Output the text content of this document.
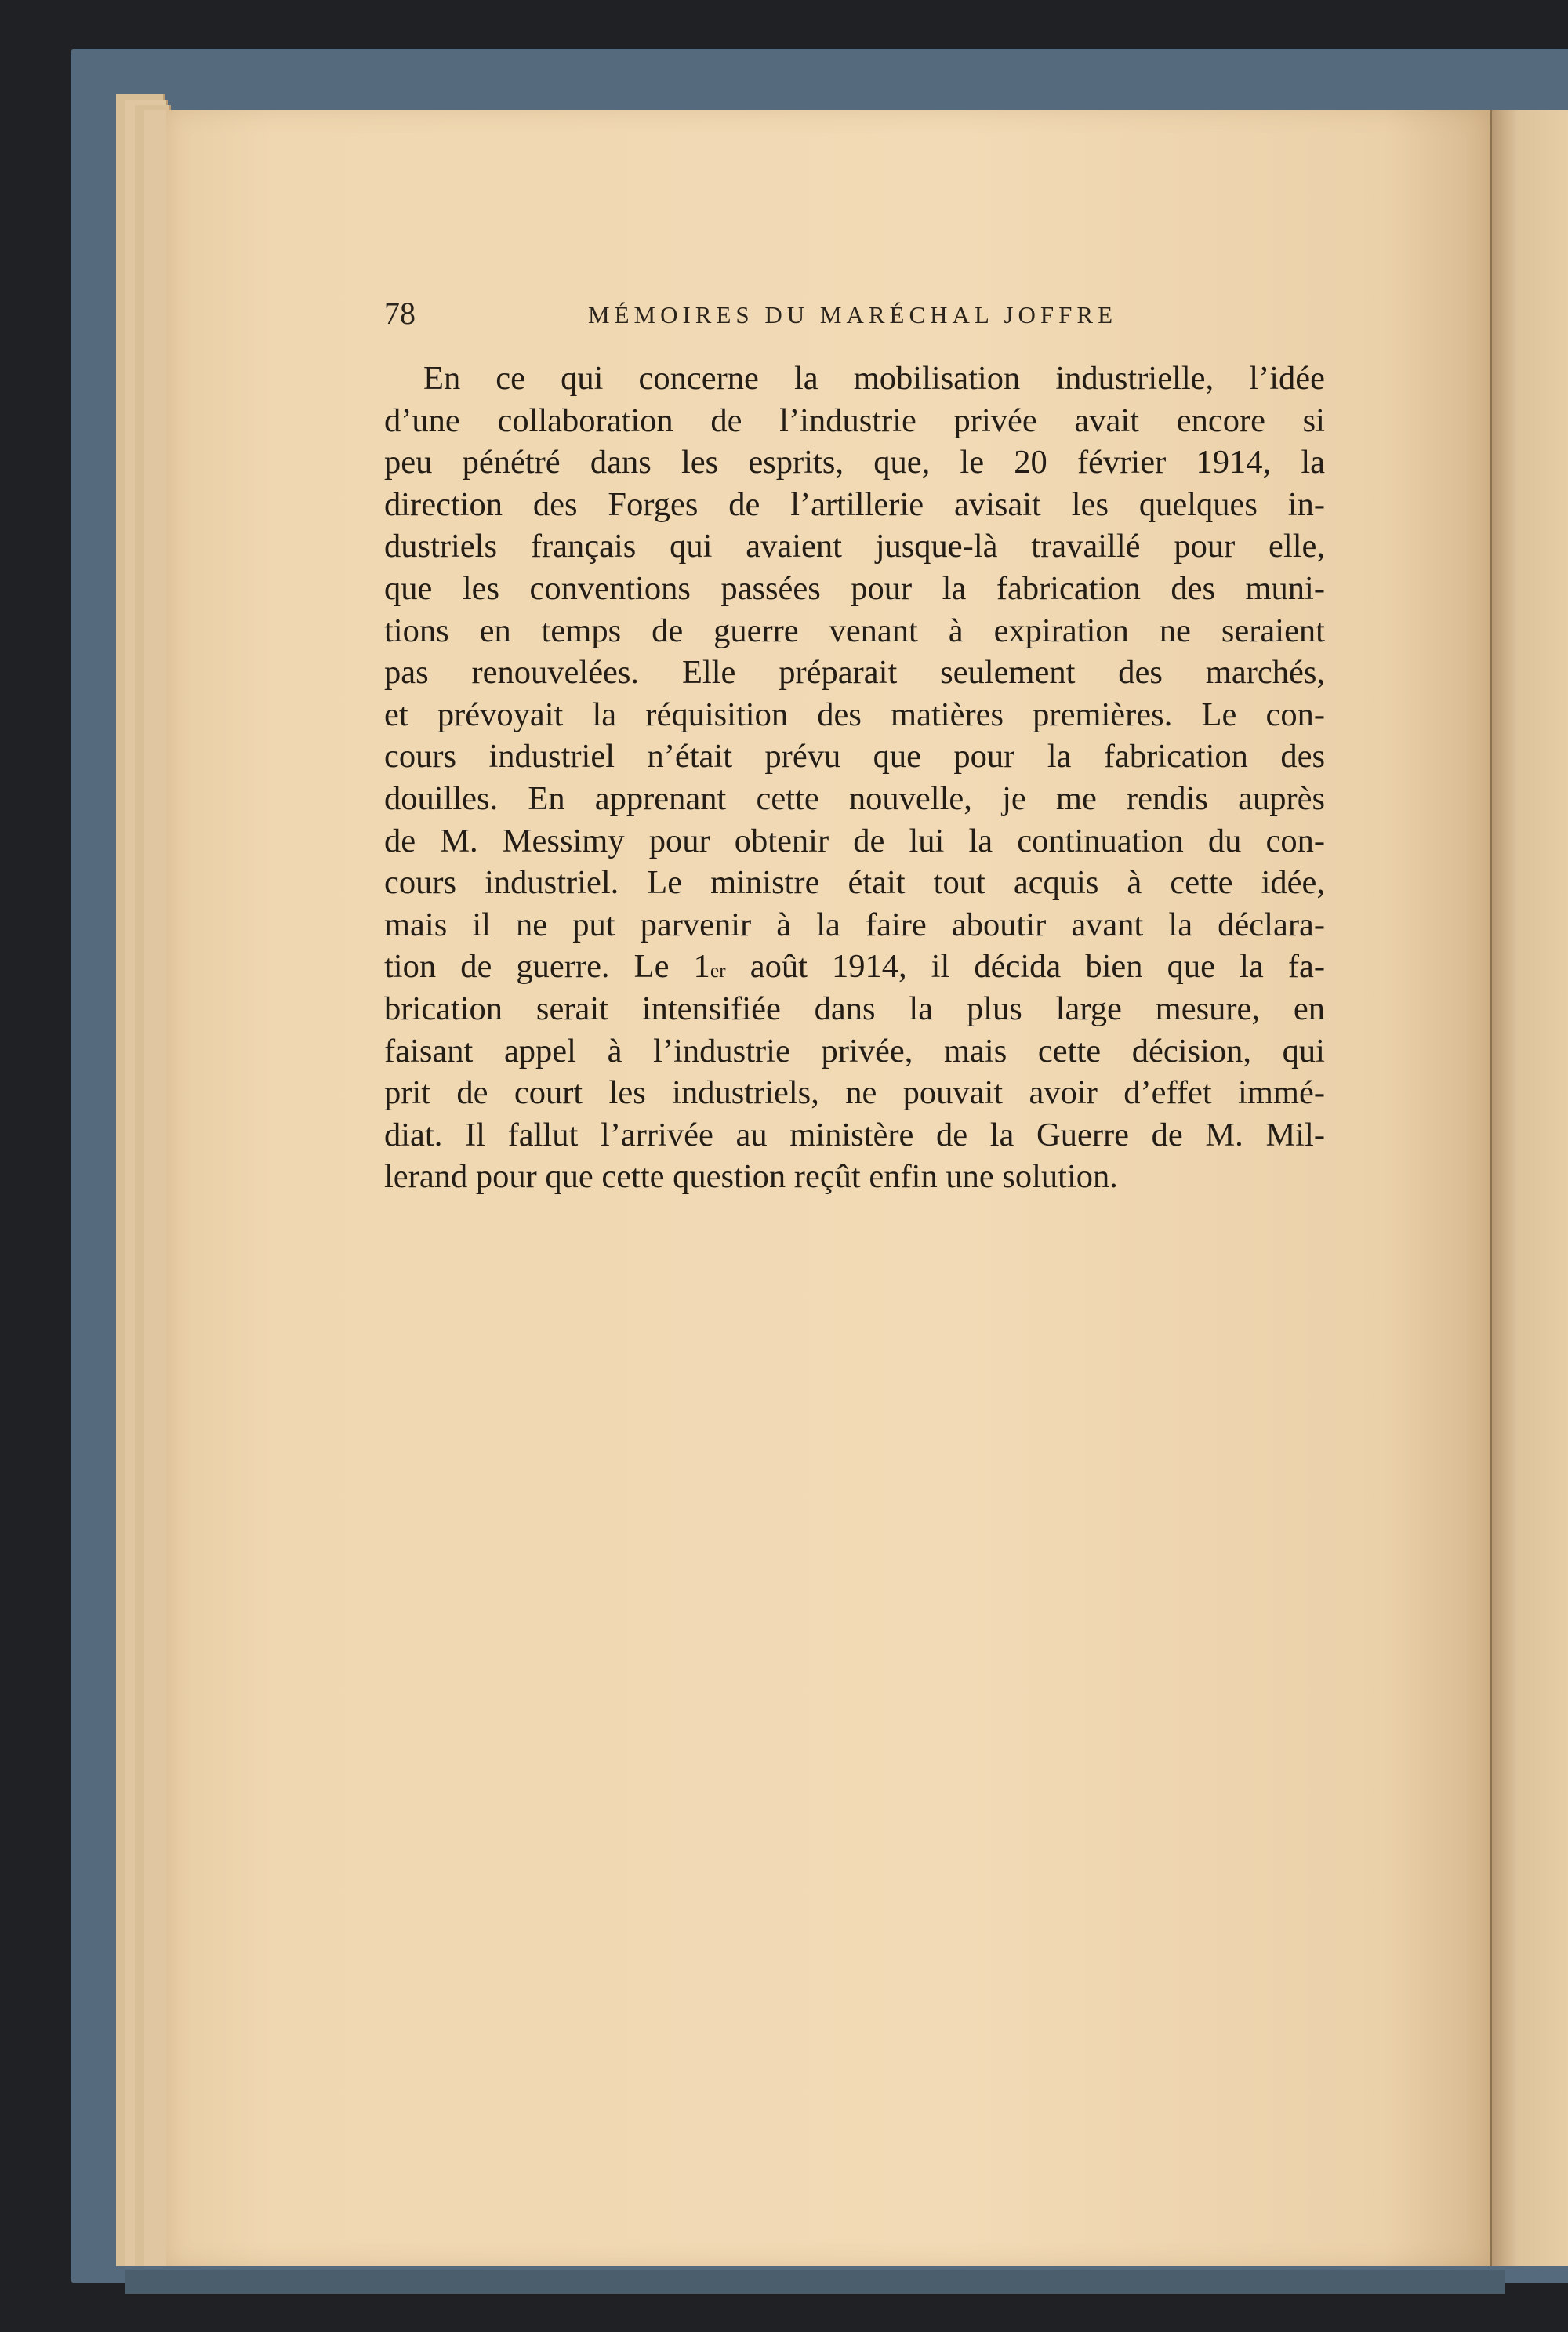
78	MÉMOIRES DU MARÉCHAL JOFFRE

En ce qui concerne la mobilisation industrielle, l’idée
d’une collaboration de l’industrie privée avait encore si
peu pénétré dans les esprits, que, le 20 février 1914, la
direction des Forges de l’artillerie avisait les quelques in-
dustriels français qui avaient jusque-là travaillé pour elle,
que les conventions passées pour la fabrication des muni-
tions en temps de guerre venant à expiration ne seraient
pas renouvelées. Elle préparait seulement des marchés,
et prévoyait la réquisition des matières premières. Le con-
cours industriel n’était prévu que pour la fabrication des
douilles. En apprenant cette nouvelle, je me rendis auprès
de M. Messimy pour obtenir de lui la continuation du con-
cours industriel. Le ministre était tout acquis à cette idée,
mais il ne put parvenir à la faire aboutir avant la déclara-
tion de guerre. Le 1er août 1914, il décida bien que la fa-
brication serait intensifiée dans la plus large mesure, en
faisant appel à l’industrie privée, mais cette décision, qui
prit de court les industriels, ne pouvait avoir d’effet immé-
diat. Il fallut l’arrivée au ministère de la Guerre de M. Mil-
lerand pour que cette question reçût enfin une solution.
